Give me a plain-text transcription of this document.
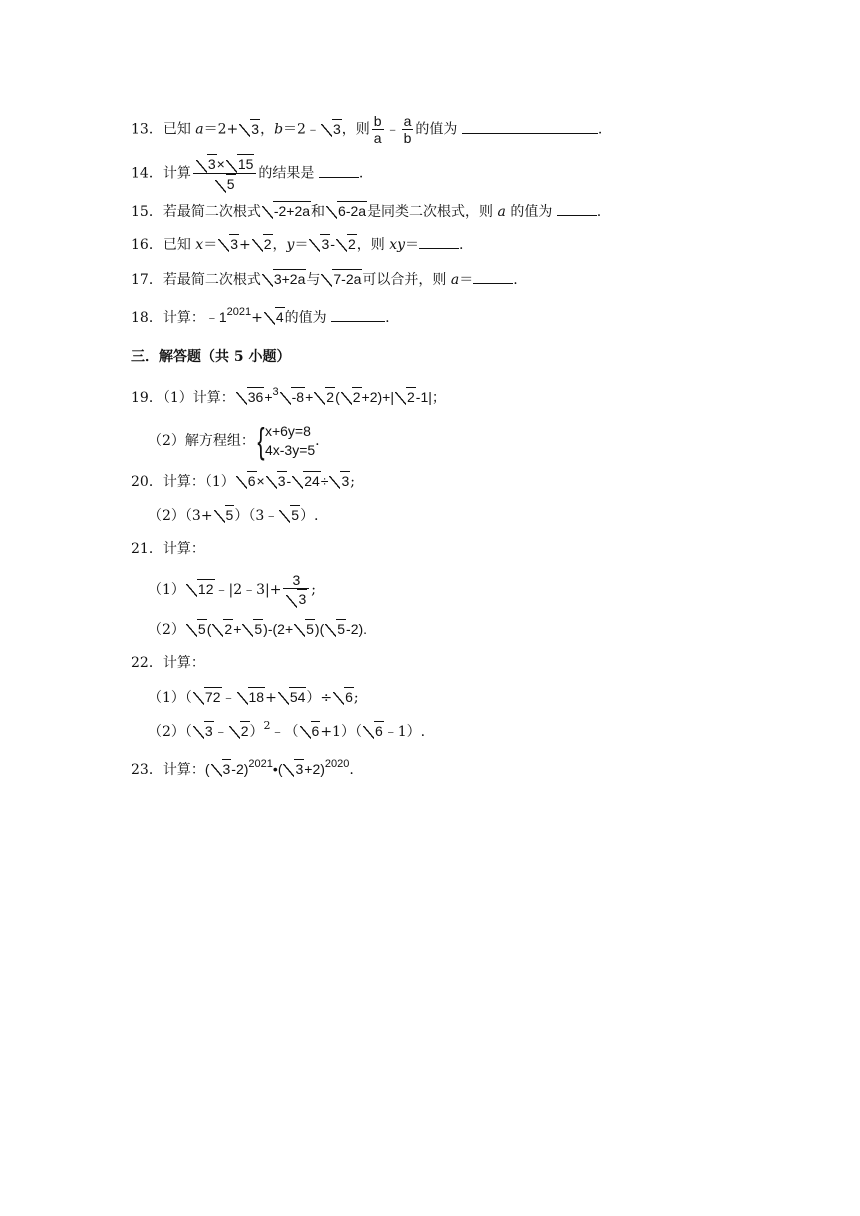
13．已知 a＝2+ 3，b＝2﹣ 3，则 $\frac{b}{a}$ ﹣ $\frac{a}{b}$ 的值为	.
14．计算 $\frac{3\times 15}{5}$ 的结果是	.
15．若最简二次根式 -2+2a和 6-2a是同类二次根式，则 a 的值为	.
16．已知 x＝ 3+ 2，y＝ 3- 2，则 xy＝	.
17．若最简二次根式 3+2a与 7-2a可以合并，则 a＝	.
18．计算：$﹣1^{2021}+ 4$的值为	.
三．解答题（共 5 小题）
19．（1）计算： 36+$^3$ -8+ 2( 2+2)+| 2-1|；
（2）解方程组：{ x+6y=8
4x-3y=5
.
20．计算：（1） 6× 3- 24÷ 3;
（2）（3+ 5）（3﹣ 5）.
21．计算：
（1） 12﹣|2﹣3|+ $\frac{3}{3}$ ;
（2） 5( 2+ 5)-(2+ 5)( 5-2).
22．计算：
（1）（ 72﹣ 18+ 54）÷ 6;
（2）（ 3﹣ 2）$^2$﹣（ 6+1）（ 6﹣1）.
23．计算：( 3-2)$^{2021}$•( 3+2)$^{2020}$.
